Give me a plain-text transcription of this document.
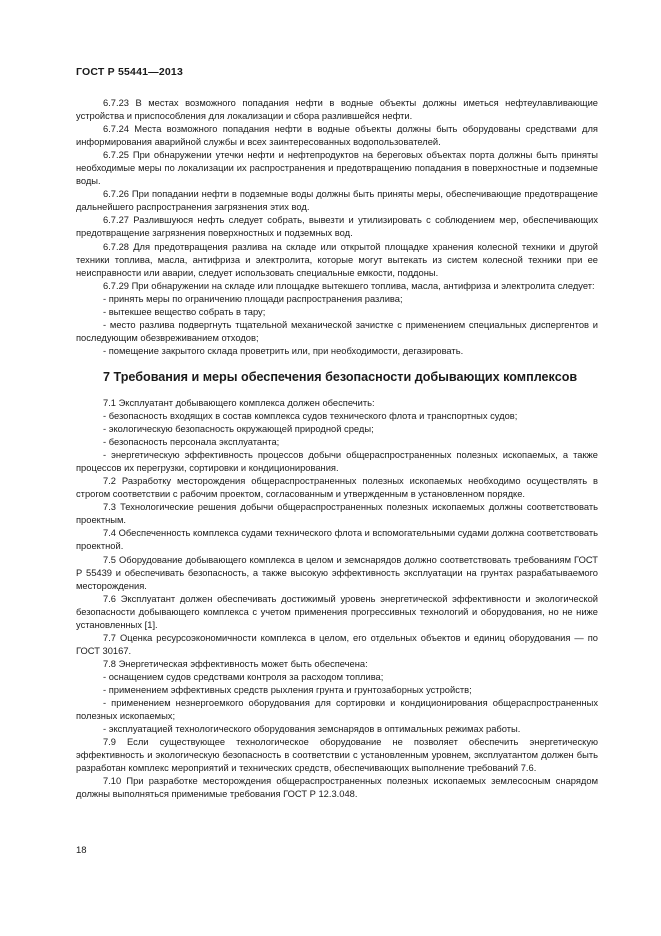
ГОСТ Р 55441—2013

6.7.23 В местах возможного попадания нефти в водные объекты должны иметься нефтеулавливающие устройства и приспособления для локализации и сбора разлившейся нефти.

6.7.24 Места возможного попадания нефти в водные объекты должны быть оборудованы средствами для информирования аварийной службы и всех заинтересованных водопользователей.

6.7.25 При обнаружении утечки нефти и нефтепродуктов на береговых объектах порта должны быть приняты необходимые меры по локализации их распространения и предотвращению попадания в поверхностные и подземные воды.

6.7.26 При попадании нефти в подземные воды должны быть приняты меры, обеспечивающие предотвращение дальнейшего распространения загрязнения этих вод.

6.7.27 Разлившуюся нефть следует собрать, вывезти и утилизировать с соблюдением мер, обеспечивающих предотвращение загрязнения поверхностных и подземных вод.

6.7.28 Для предотвращения разлива на складе или открытой площадке хранения колесной техники и другой техники топлива, масла, антифриза и электролита, которые могут вытекать из систем колесной техники при ее неисправности или аварии, следует использовать специальные емкости, поддоны.

6.7.29 При обнаружении на складе или площадке вытекшего топлива, масла, антифриза и электролита следует:

- принять меры по ограничению площади распространения разлива;

- вытекшее вещество собрать в тару;

- место разлива подвергнуть тщательной механической зачистке с применением специальных диспергентов и последующим обезвреживанием отходов;

- помещение закрытого склада проветрить или, при необходимости, дегазировать.

7 Требования и меры обеспечения безопасности добывающих комплексов

7.1 Эксплуатант добывающего комплекса должен обеспечить:

- безопасность входящих в состав комплекса судов технического флота и транспортных судов;

- экологическую безопасность окружающей природной среды;

- безопасность персонала эксплуатанта;

- энергетическую эффективность процессов добычи общераспространенных полезных ископаемых, а также процессов их перегрузки, сортировки и кондиционирования.

7.2 Разработку месторождения общераспространенных полезных ископаемых необходимо осуществлять в строгом соответствии с рабочим проектом, согласованным и утвержденным в установленном порядке.

7.3 Технологические решения добычи общераспространенных полезных ископаемых должны соответствовать проектным.

7.4 Обеспеченность комплекса судами технического флота и вспомогательными судами должна соответствовать проектной.

7.5 Оборудование добывающего комплекса в целом и земснарядов должно соответствовать требованиям ГОСТ Р 55439 и обеспечивать безопасность, а также высокую эффективность эксплуатации на грунтах разрабатываемого месторождения.

7.6 Эксплуатант должен обеспечивать достижимый уровень энергетической эффективности и экологической безопасности добывающего комплекса с учетом применения прогрессивных технологий и оборудования, но не ниже установленных [1].

7.7 Оценка ресурсоэкономичности комплекса в целом, его отдельных объектов и единиц оборудования — по ГОСТ 30167.

7.8 Энергетическая эффективность может быть обеспечена:

- оснащением судов средствами контроля за расходом топлива;

- применением эффективных средств рыхления грунта и грунтозаборных устройств;

- применением незнергоемкого оборудования для сортировки и кондиционирования общераспространенных полезных ископаемых;

- эксплуатацией технологического оборудования земснарядов в оптимальных режимах работы.

7.9 Если существующее технологическое оборудование не позволяет обеспечить энергетическую эффективность и экологическую безопасность в соответствии с установленным уровнем, эксплуатантом должен быть разработан комплекс мероприятий и технических средств, обеспечивающих выполнение требований 7.6.

7.10 При разработке месторождения общераспространенных полезных ископаемых землесосным снарядом должны выполняться применимые требования ГОСТ Р 12.3.048.

18
